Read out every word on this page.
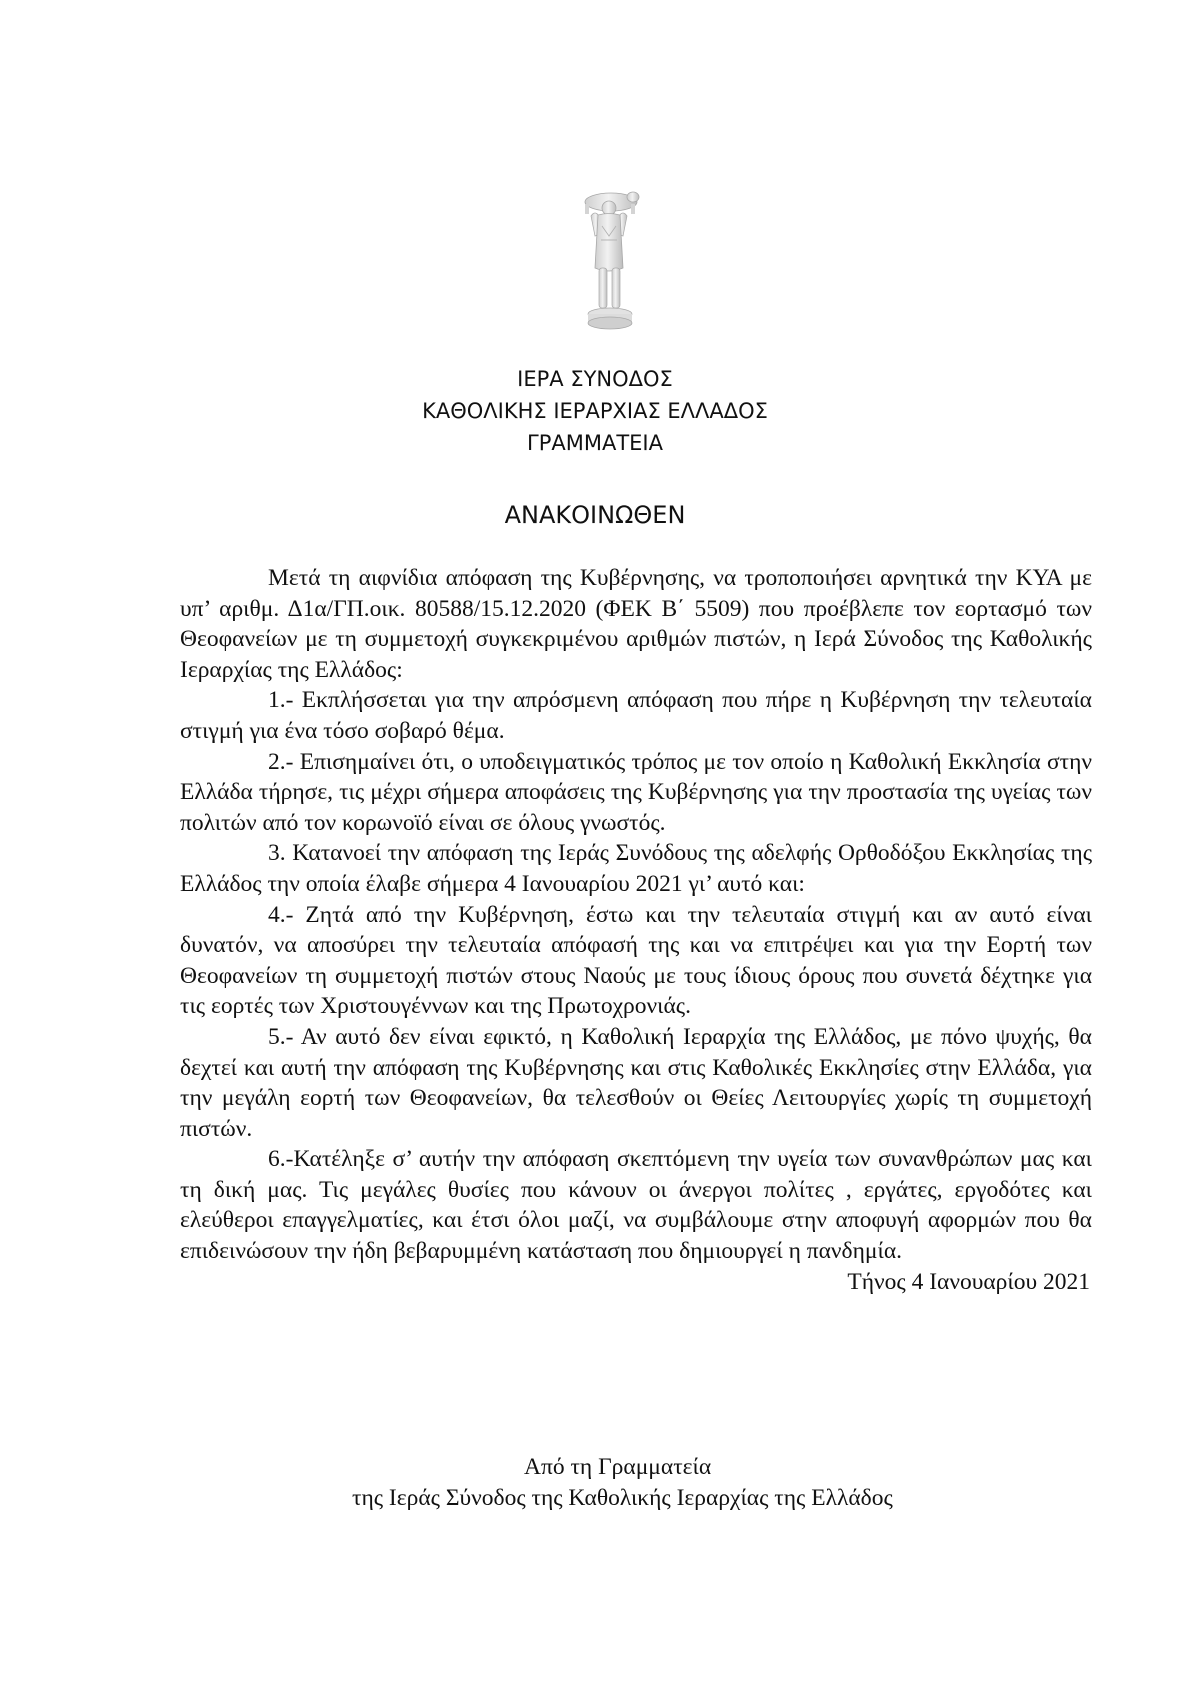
ΙΕΡΑ ΣΥΝΟΔΟΣ
ΚΑΘΟΛΙΚΗΣ ΙΕΡΑΡΧΙΑΣ ΕΛΛΑΔΟΣ
ΓΡΑΜΜΑΤΕΙΑ
ΑΝΑΚΟΙΝΩΘΕΝ

Μετά τη αιφνίδια απόφαση της Κυβέρνησης, να τροποποιήσει αρνητικά την ΚΥΑ με υπ’ αριθμ. Δ1α/ΓΠ.οικ. 80588/15.12.2020 (ΦΕΚ Β΄ 5509) που προέβλεπε τον εορτασμό των Θεοφανείων με τη συμμετοχή συγκεκριμένου αριθμών πιστών, η Ιερά Σύνοδος της Καθολικής Ιεραρχίας της Ελλάδος:

1.- Εκπλήσσεται για την απρόσμενη απόφαση που πήρε η Κυβέρνηση την τελευταία στιγμή για ένα τόσο σοβαρό θέμα.

2.- Επισημαίνει ότι, ο υποδειγματικός τρόπος με τον οποίο η Καθολική Εκκλησία στην Ελλάδα τήρησε, τις μέχρι σήμερα αποφάσεις της Κυβέρνησης για την προστασία της υγείας των πολιτών από τον κορωνοϊό είναι σε όλους γνωστός.

3. Κατανοεί την απόφαση της Ιεράς Συνόδους της αδελφής Ορθοδόξου Εκκλησίας της Ελλάδος την οποία έλαβε σήμερα 4 Ιανουαρίου 2021 γι’ αυτό και:

4.- Ζητά από την Κυβέρνηση, έστω και την τελευταία στιγμή και αν αυτό είναι δυνατόν, να αποσύρει την τελευταία απόφασή της και να επιτρέψει και για την Εορτή των Θεοφανείων τη συμμετοχή πιστών στους Ναούς με τους ίδιους όρους που συνετά δέχτηκε για τις εορτές των Χριστουγέννων και της Πρωτοχρονιάς.

5.- Αν αυτό δεν είναι εφικτό, η Καθολική Ιεραρχία της Ελλάδος, με πόνο ψυχής, θα δεχτεί και αυτή την απόφαση της Κυβέρνησης και στις Καθολικές Εκκλησίες στην Ελλάδα, για την μεγάλη εορτή των Θεοφανείων, θα τελεσθούν οι Θείες Λειτουργίες χωρίς τη συμμετοχή πιστών.

6.-Κατέληξε σ’ αυτήν την απόφαση σκεπτόμενη την υγεία των συνανθρώπων μας και τη δική μας. Τις μεγάλες θυσίες που κάνουν οι άνεργοι πολίτες , εργάτες, εργοδότες και ελεύθεροι επαγγελματίες, και έτσι όλοι μαζί, να συμβάλουμε στην αποφυγή αφορμών που θα επιδεινώσουν την ήδη βεβαρυμμένη κατάσταση που δημιουργεί η πανδημία.

Τήνος 4 Ιανουαρίου 2021

Από τη Γραμματεία
της Ιεράς Σύνοδος της Καθολικής Ιεραρχίας της Ελλάδος
